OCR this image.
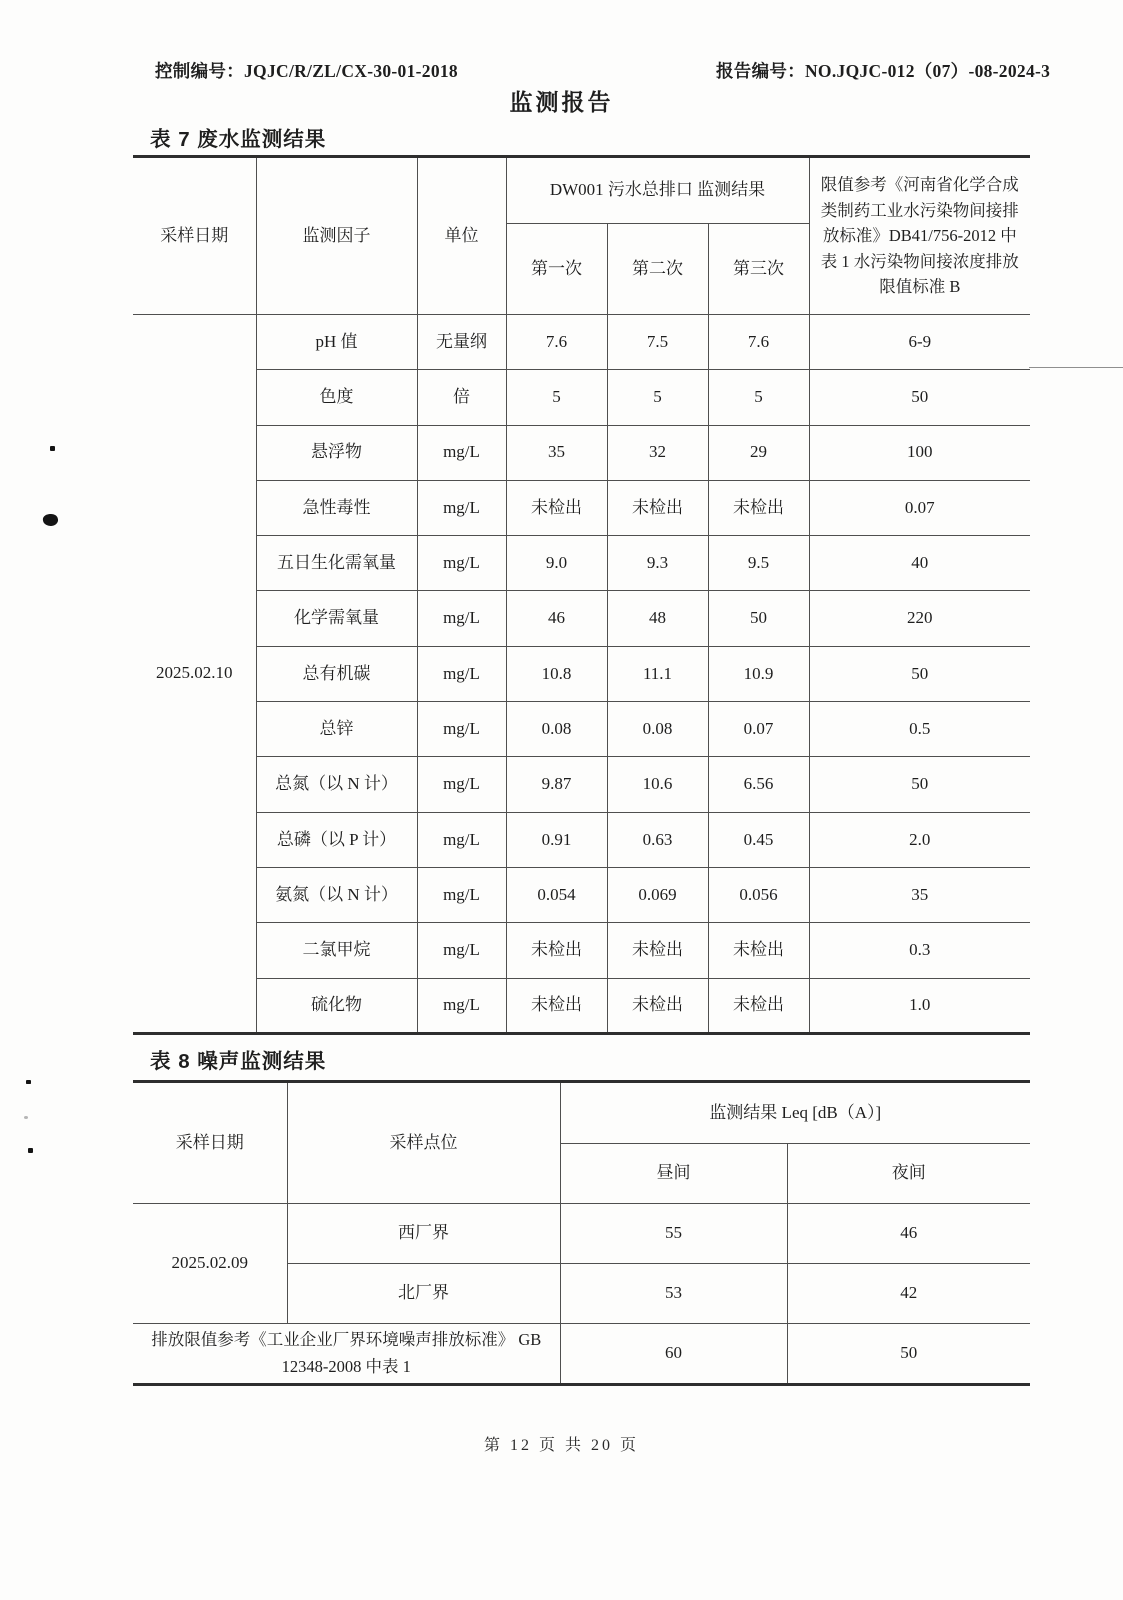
控制编号：JQJC/R/ZL/CX-30-01-2018	报告编号：NO.JQJC-012（07）-08-2024-3
监测报告
表 7 废水监测结果
采样日期	监测因子	单位	DW001 污水总排口 监测结果			限值参考《河南省化学合成类制药工业水污染物间接排放标准》DB41/756-2012 中表 1 水污染物间接浓度排放限值标准 B
			第一次	第二次	第三次	
2025.02.10	pH 值	无量纲	7.6	7.5	7.6	6-9
	色度	倍	5	5	5	50
	悬浮物	mg/L	35	32	29	100
	急性毒性	mg/L	未检出	未检出	未检出	0.07
	五日生化需氧量	mg/L	9.0	9.3	9.5	40
	化学需氧量	mg/L	46	48	50	220
	总有机碳	mg/L	10.8	11.1	10.9	50
	总锌	mg/L	0.08	0.08	0.07	0.5
	总氮（以 N 计）	mg/L	9.87	10.6	6.56	50
	总磷（以 P 计）	mg/L	0.91	0.63	0.45	2.0
	氨氮（以 N 计）	mg/L	0.054	0.069	0.056	35
	二氯甲烷	mg/L	未检出	未检出	未检出	0.3
	硫化物	mg/L	未检出	未检出	未检出	1.0
表 8 噪声监测结果
采样日期	采样点位	监测结果 Leq [dB（A）]	
		昼间	夜间
2025.02.09	西厂界	55	46
	北厂界	53	42
排放限值参考《工业企业厂界环境噪声排放标准》 GB 12348-2008 中表 1		60	50
第 12 页 共 20 页
